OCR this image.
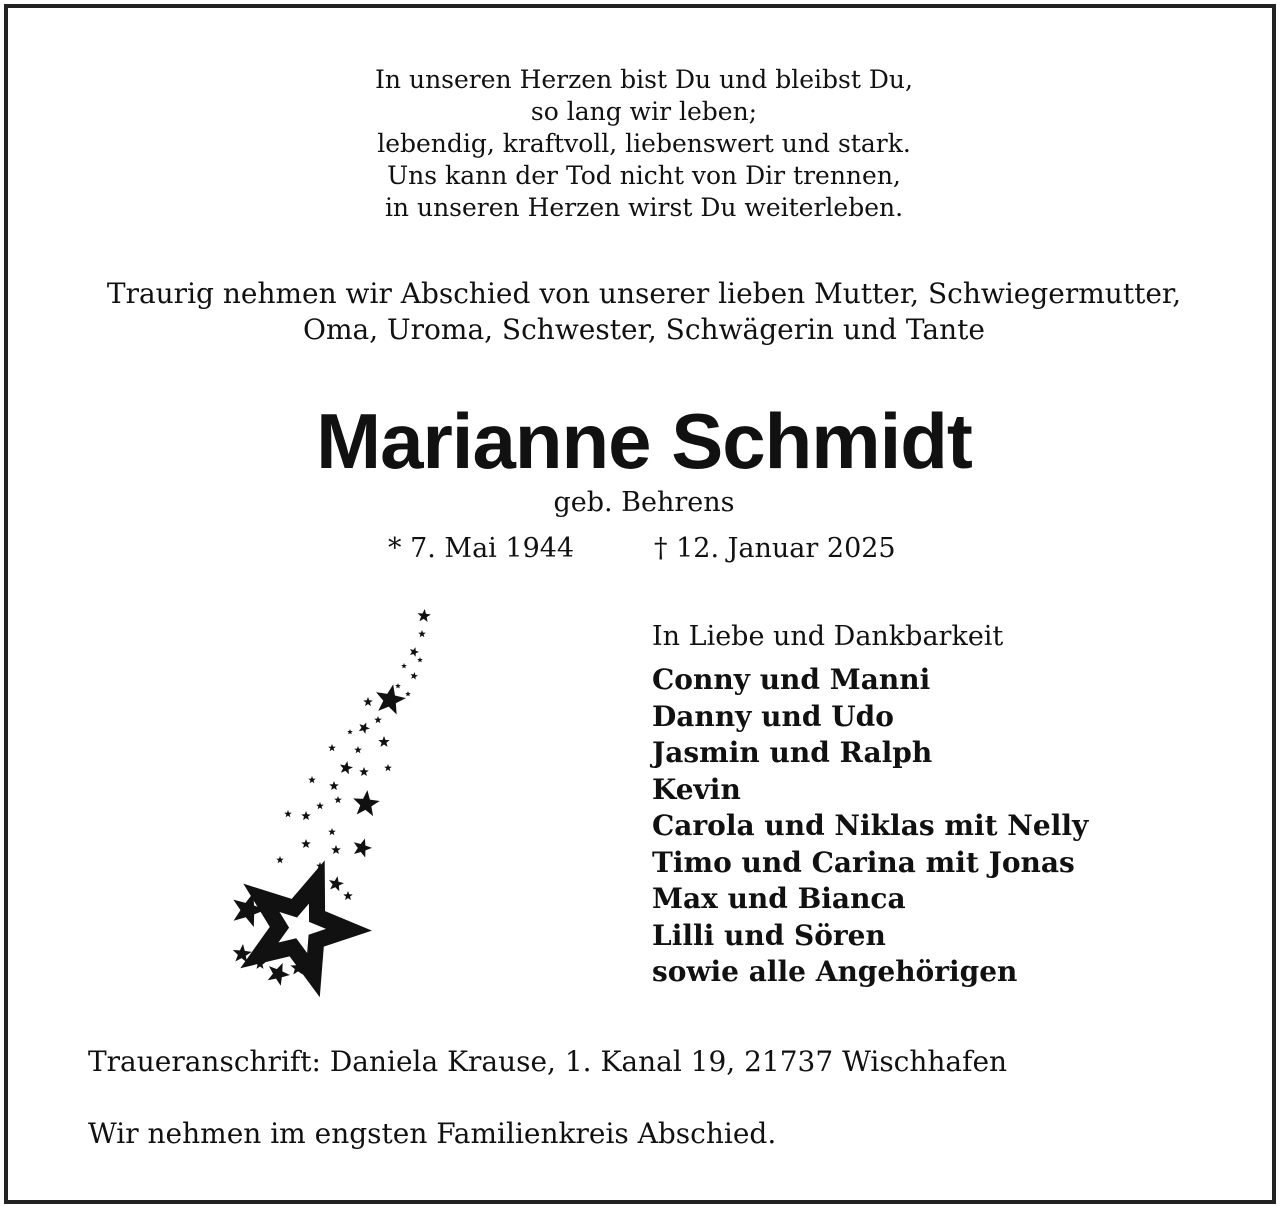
In unseren Herzen bist Du und bleibst Du,
so lang wir leben;
lebendig, kraftvoll, liebenswert und stark.
Uns kann der Tod nicht von Dir trennen,
in unseren Herzen wirst Du weiterleben.
Traurig nehmen wir Abschied von unserer lieben Mutter, Schwiegermutter,
Oma, Uroma, Schwester, Schwägerin und Tante
Marianne Schmidt
geb. Behrens
* 7. Mai 1944	† 12. Januar 2025
In Liebe und Dankbarkeit
Conny und Manni
Danny und Udo
Jasmin und Ralph
Kevin
Carola und Niklas mit Nelly
Timo und Carina mit Jonas
Max und Bianca
Lilli und Sören
sowie alle Angehörigen
Traueranschrift: Daniela Krause, 1. Kanal 19, 21737 Wischhafen
Wir nehmen im engsten Familienkreis Abschied.
